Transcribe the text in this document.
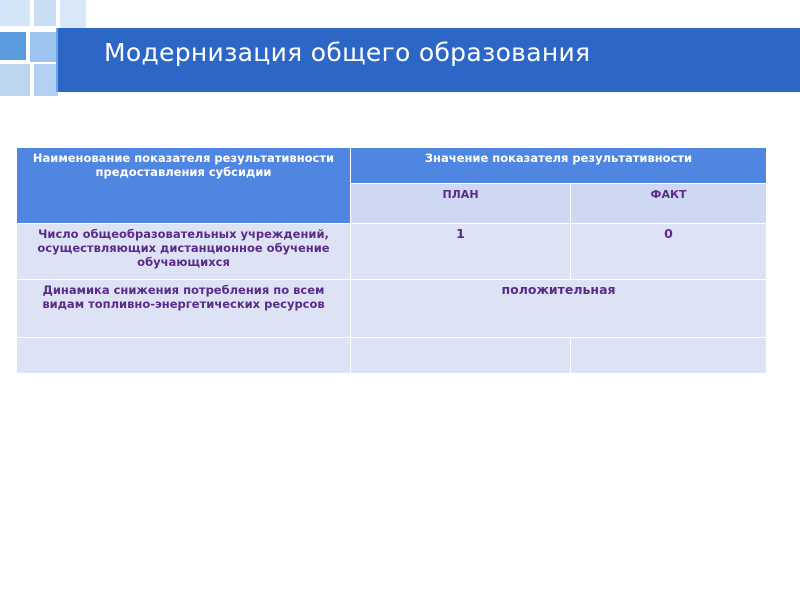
Модернизация общего образования
Наименование показателя результативности предоставления субсидии	Значение показателя результативности	
	ПЛАН	ФАКТ
Число общеобразовательных учреждений, осуществляющих дистанционное обучение обучающихся	1	0
Динамика снижения потребления по всем видам топливно-энергетических ресурсов	положительная	
